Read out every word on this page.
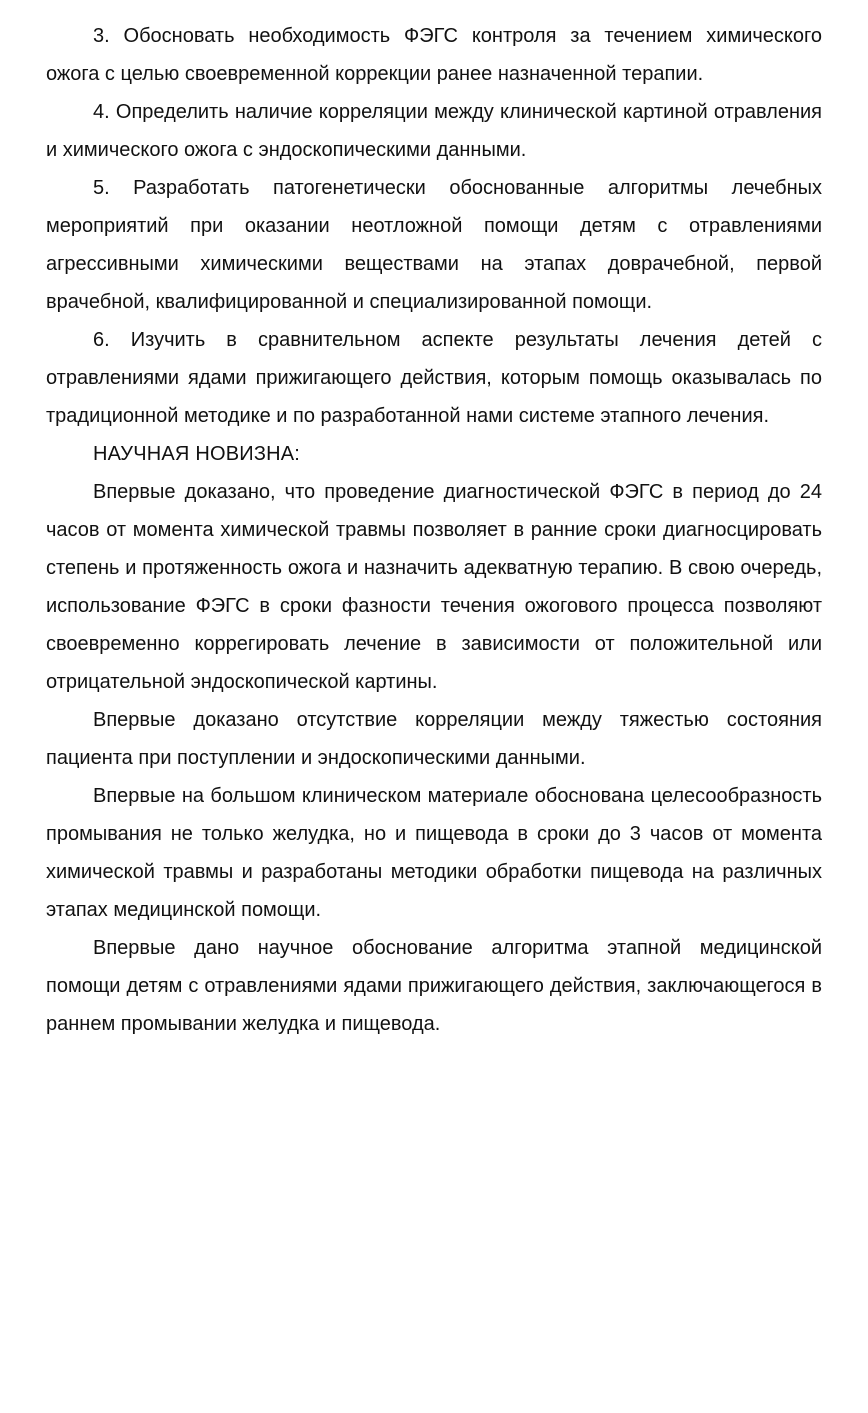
3. Обосновать необходимость ФЭГС контроля за течением химического ожога с целью своевременной коррекции ранее назначенной терапии.

4. Определить наличие корреляции между клинической картиной отравления и химического ожога с эндоскопическими данными.

5. Разработать патогенетически обоснованные алгоритмы лечебных мероприятий при оказании неотложной помощи детям с отравлениями агрессивными химическими веществами на этапах доврачебной, первой врачебной, квалифицированной и специализированной помощи.

6. Изучить в сравнительном аспекте результаты лечения детей с отравлениями ядами прижигающего действия, которым помощь оказывалась по традиционной методике и по разработанной нами системе этапного лечения.

НАУЧНАЯ НОВИЗНА:

Впервые доказано, что проведение диагностической ФЭГС в период до 24 часов от момента химической травмы позволяет в ранние сроки диагносцировать степень и протяженность ожога и назначить адекватную терапию. В свою очередь, использование ФЭГС в сроки фазности течения ожогового процесса позволяют своевременно коррегировать лечение в зависимости от положительной или отрицательной эндоскопической картины.

Впервые доказано отсутствие корреляции между тяжестью состояния пациента при поступлении и эндоскопическими данными.

Впервые на большом клиническом материале обоснована целесообразность промывания не только желудка, но и пищевода в сроки до 3 часов от момента химической травмы и разработаны методики обработки пищевода на различных этапах медицинской помощи.

Впервые дано научное обоснование алгоритма этапной медицинской помощи детям с отравлениями ядами прижигающего действия, заключающегося в раннем промывании желудка и пищевода.
